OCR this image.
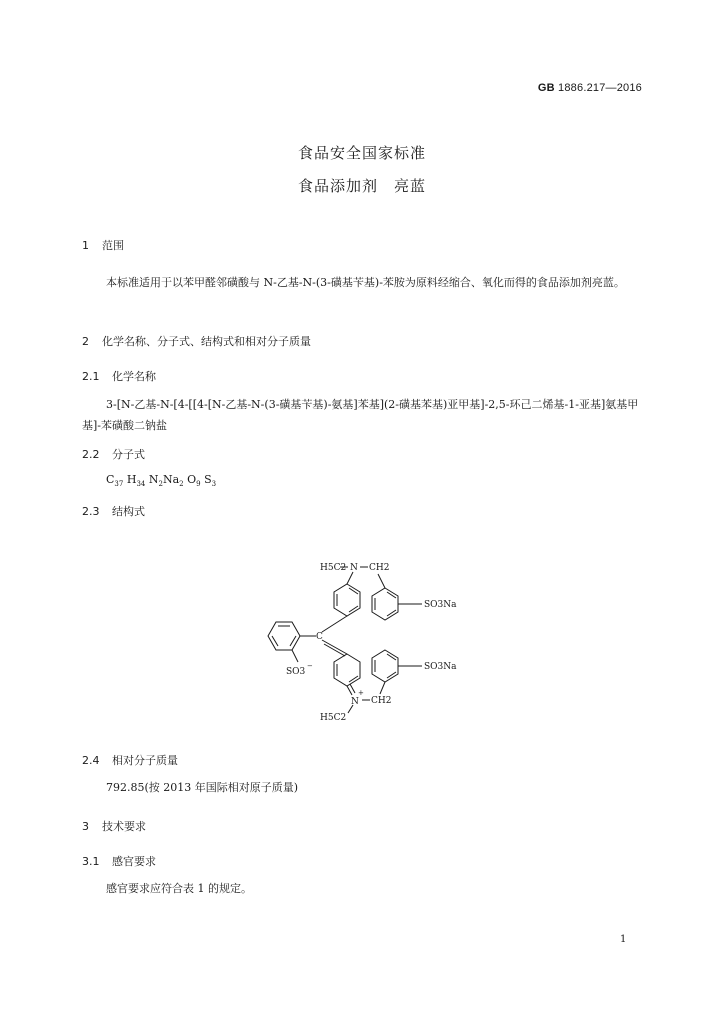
GB 1886.217—2016
食品安全国家标准
食品添加剂　亮蓝
1 范围
本标准适用于以苯甲醛邻磺酸与 N-乙基-N-(3-磺基苄基)-苯胺为原料经缩合、氧化而得的食品添加剂亮蓝。
2 化学名称、分子式、结构式和相对分子质量
2.1 化学名称
3-[N-乙基-N-[4-[[4-[N-乙基-N-(3-磺基苄基)-氨基]苯基](2-磺基苯基)亚甲基]-2,5-环己二烯基-1-亚基]氨基甲基]-苯磺酸二钠盐
2.2 分子式
$C_{37}$ $H_{34}$ $N_2Na_2$ $O_9$ $S_3$
2.3 结构式
H5C2 N CH2
SO3Na
C
SO3
−	SO3Na
N
+
CH2
H5C2
2.4 相对分子质量
792.85(按 2013 年国际相对原子质量)
3 技术要求
3.1 感官要求
感官要求应符合表 1 的规定。
1
